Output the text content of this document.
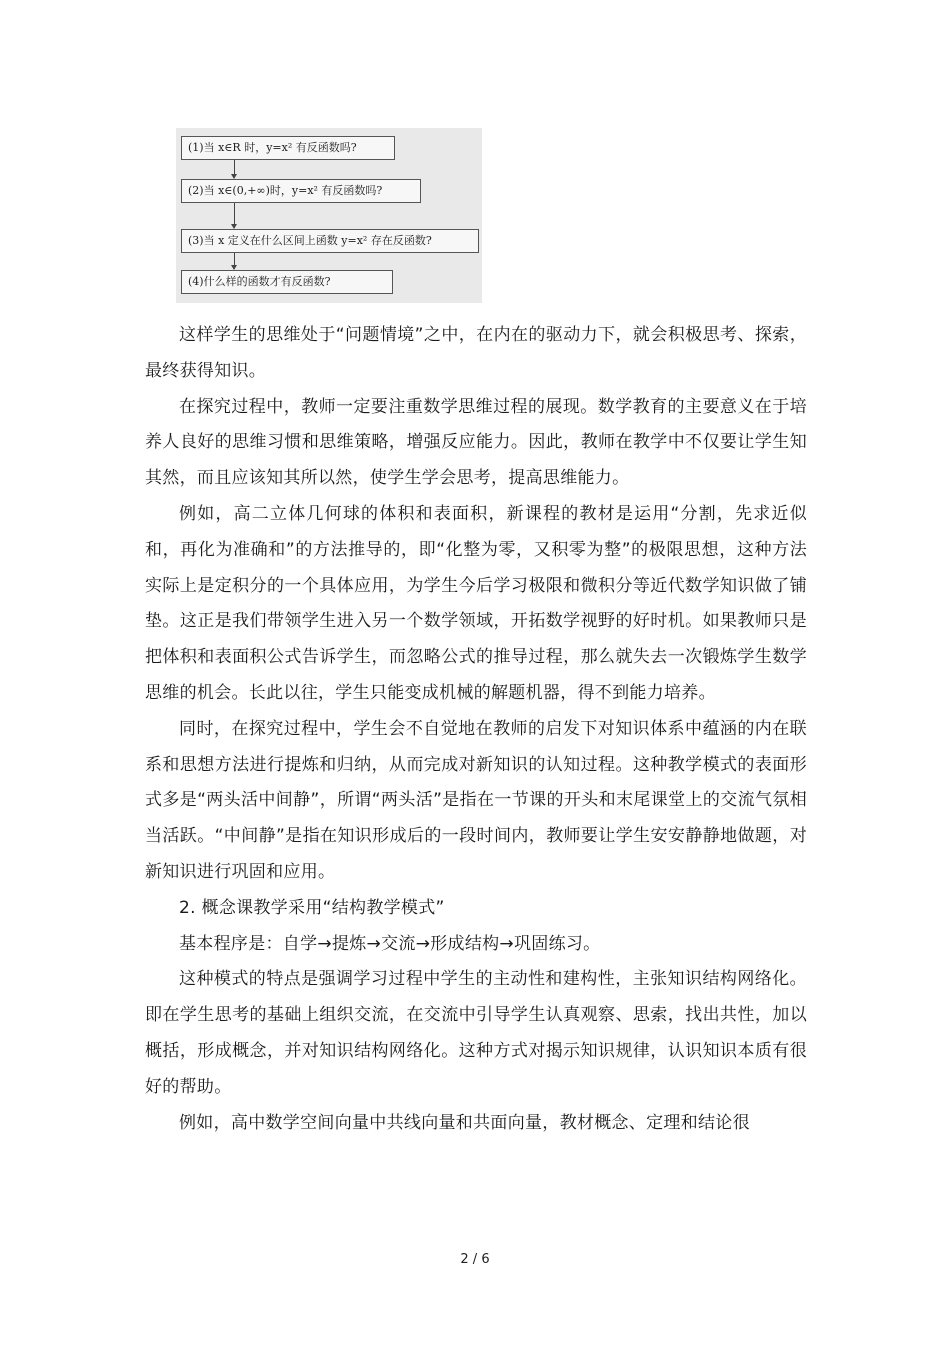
(1)当 x∈R 时，y=x² 有反函数吗?
(2)当 x∈(0,+∞)时，y=x² 有反函数吗?
(3)当 x 定义在什么区间上函数 y=x² 存在反函数?
(4)什么样的函数才有反函数?

这样学生的思维处于“问题情境”之中，在内在的驱动力下，就会积极思考、探索，最终获得知识。

在探究过程中，教师一定要注重数学思维过程的展现。数学教育的主要意义在于培养人良好的思维习惯和思维策略，增强反应能力。因此，教师在教学中不仅要让学生知其然，而且应该知其所以然，使学生学会思考，提高思维能力。

例如，高二立体几何球的体积和表面积，新课程的教材是运用“分割，先求近似和，再化为准确和”的方法推导的，即“化整为零，又积零为整”的极限思想，这种方法实际上是定积分的一个具体应用，为学生今后学习极限和微积分等近代数学知识做了铺垫。这正是我们带领学生进入另一个数学领域，开拓数学视野的好时机。如果教师只是把体积和表面积公式告诉学生，而忽略公式的推导过程，那么就失去一次锻炼学生数学思维的机会。长此以往，学生只能变成机械的解题机器，得不到能力培养。

同时，在探究过程中，学生会不自觉地在教师的启发下对知识体系中蕴涵的内在联系和思想方法进行提炼和归纳，从而完成对新知识的认知过程。这种教学模式的表面形式多是“两头活中间静”，所谓“两头活”是指在一节课的开头和末尾课堂上的交流气氛相当活跃。“中间静”是指在知识形成后的一段时间内，教师要让学生安安静静地做题，对新知识进行巩固和应用。

2. 概念课教学采用“结构教学模式”

基本程序是：自学→提炼→交流→形成结构→巩固练习。

这种模式的特点是强调学习过程中学生的主动性和建构性，主张知识结构网络化。即在学生思考的基础上组织交流，在交流中引导学生认真观察、思索，找出共性，加以概括，形成概念，并对知识结构网络化。这种方式对揭示知识规律，认识知识本质有很好的帮助。

例如，高中数学空间向量中共线向量和共面向量，教材概念、定理和结论很

2 / 6
